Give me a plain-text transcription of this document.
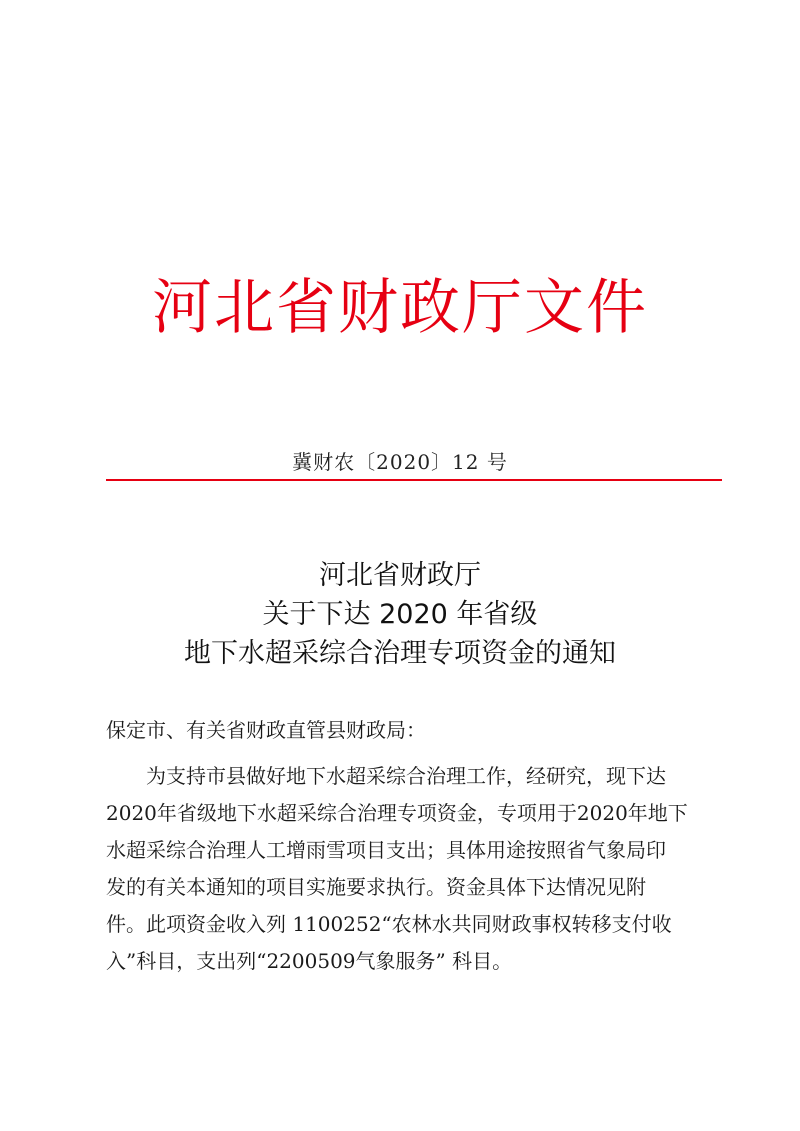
河北省财政厅文件
冀财农〔2020〕12 号
河北省财政厅
关于下达 2020 年省级
地下水超采综合治理专项资金的通知
保定市、有关省财政直管县财政局：
为支持市县做好地下水超采综合治理工作，经研究，现下达
2020年省级地下水超采综合治理专项资金，专项用于2020年地下
水超采综合治理人工增雨雪项目支出；具体用途按照省气象局印
发的有关本通知的项目实施要求执行。资金具体下达情况见附
件。此项资金收入列 1100252“农林水共同财政事权转移支付收
入”科目，支出列“2200509气象服务” 科目。
